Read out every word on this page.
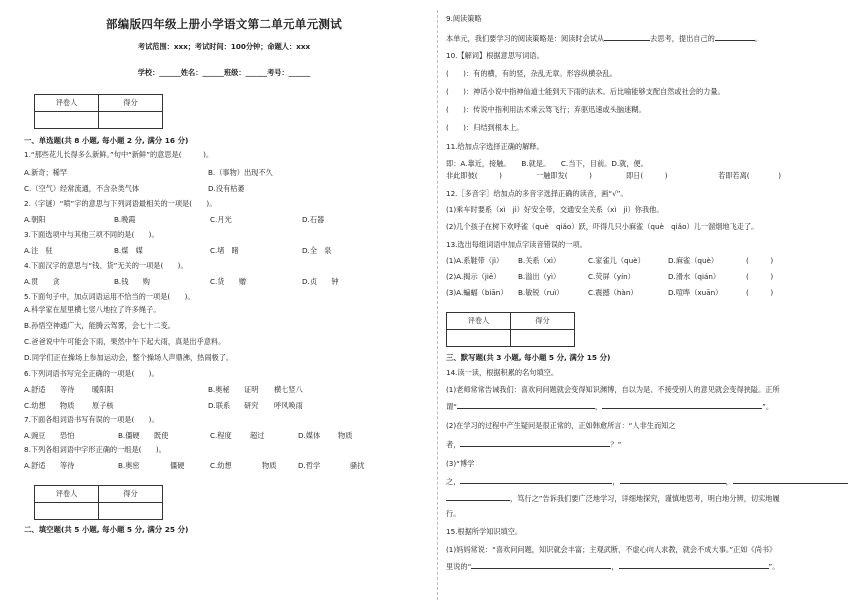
部编版四年级上册小学语文第二单元单元测试
考试范围：xxx；考试时间：100分钟；命题人：xxx
学校：______姓名：______班级：______考号：______
评卷人	得分

一、单选题(共 8 小题, 每小题 2 分, 满分 16 分)
1.“那些花儿长得多么新鲜。”句中“新鲜”的意思是(　　　)。
A.新奇；稀罕	B.（事物）出现不久
C.（空气）经常流通，不含杂类气体	D.没有枯萎
2.（字谜）“喷”字的意思与下列词语最相关的一项是(　　)。
A.朝阳	B.晚霞	C.月光	D.石器
3.下面选项中与其他三项不同的是(　　)。
A.注　驻	B.煤　媒	C.堵　睹	D.全　泉
4.下面汉字的意思与“钱、货”无关的一项是(　　)。
A.贯　　贪	B.钱　　购	C.货　　赠	D.贞　　钟
5.下面句子中，加点词语运用不恰当的一项是(　　)。
A.科学家在屋里横七竖八地拉了许多绳子。
B.孙悟空神通广大，能腾云驾雾，会七十二变。
C.爸爸说中午可能会下雨，果然中午下起大雨，真是出乎意料。
D.同学们正在操场上参加运动会，整个操场人声鼎沸，热闹极了。
6.下列词语书写完全正确的一项是(　　)。
A.舒适	等待	暖阳阳	B.奥秘	证明	横七竖八
C.幼想	物质	原子核	D.联系	研究	呼风唤雨
7.下面各组词语书写有误的一项是(　　)。
A.豌豆	恐怕	B.僵硬	既使	C.程度	超过	D.媒体	物质
8.下列各组词语中字形正确的一组是(　　)。
A.舒适	等待	B.奥密	僵硬	C.幼想	物质	D.哲学	骚扰
评卷人	得分

二、填空题(共 5 小题, 每小题 5 分, 满分 25 分)
9.阅读策略
本单元，我们要学习的阅读策略是：阅读时会试从	去思考，提出自己的	。
10.【解词】根据意思写词语。
(　　)：有的横，有的竖，杂乱无章。形容纵横杂乱。
(　　)：神话小说中指神仙道士能到天下雨的法术。后比喻能够支配自然或社会的力量。
(　　)：传说中指利用法术乘云驾飞行；弃驱迅速或头脑迷糊。
(　　)：归结到根本上。
11.给加点字选择正确的解释。
即：A.靠近，接触。　　B.就是。　　C.当下，目前。D.就，便。
非此即彼(　　　)	一触即发(　　　)	即日(　　　)	若即若离(　　　　)
12.［多音字］给加点的多音字选择正确的读音，画“√”。
(1)乘车时要系（xì　jì）好安全带，交通安全关系（xì　jì）你我他。
(2)几个孩子在树下欢呼雀（què　qiǎo）跃，吓得几只小麻雀（què　qiǎo）儿一溜烟地飞走了。
13.选出每组词语中加点字读音错误的一项。
(1)A.系鞋带（jì）	B.关系（xì）	C.家雀儿（què）	D.麻雀（què）	(　　　)
(2)A.揭示（jiē）	B.溢出（yì）	C.荧屏（yín）	D.滑水（qián）	(　　　)
(3)A.蝙蝠（biān）	B.敏锐（ruì）	C.震撼（hàn）	D.喧哗（xuān）	(　　　)
评卷人	得分

三、默写题(共 3 小题, 每小题 5 分, 满分 15 分)
14.读一读，根据积累的名句填空。
(1)老师常常告诫我们：喜欢问问题就会变得知识渊博，自以为是、不接受别人的意见就会变得狭隘。正所
谓“	，	”。
(2)在学习的过程中产生疑问是很正常的，正如韩愈所言：“人非生而知之
者，	？”
(3)“博学
之，	，	，
，笃行之”告诉我们要广泛地学习，详细地探究，谨慎地思考，明白地分辨，切实地履
行。
15.根据所学知识填空。
(1)妈妈常说：“喜欢问问题，知识就会丰富；主观武断，不虚心向人求教，就会不成大事。”正如《尚书》
里说的“	，	”。
